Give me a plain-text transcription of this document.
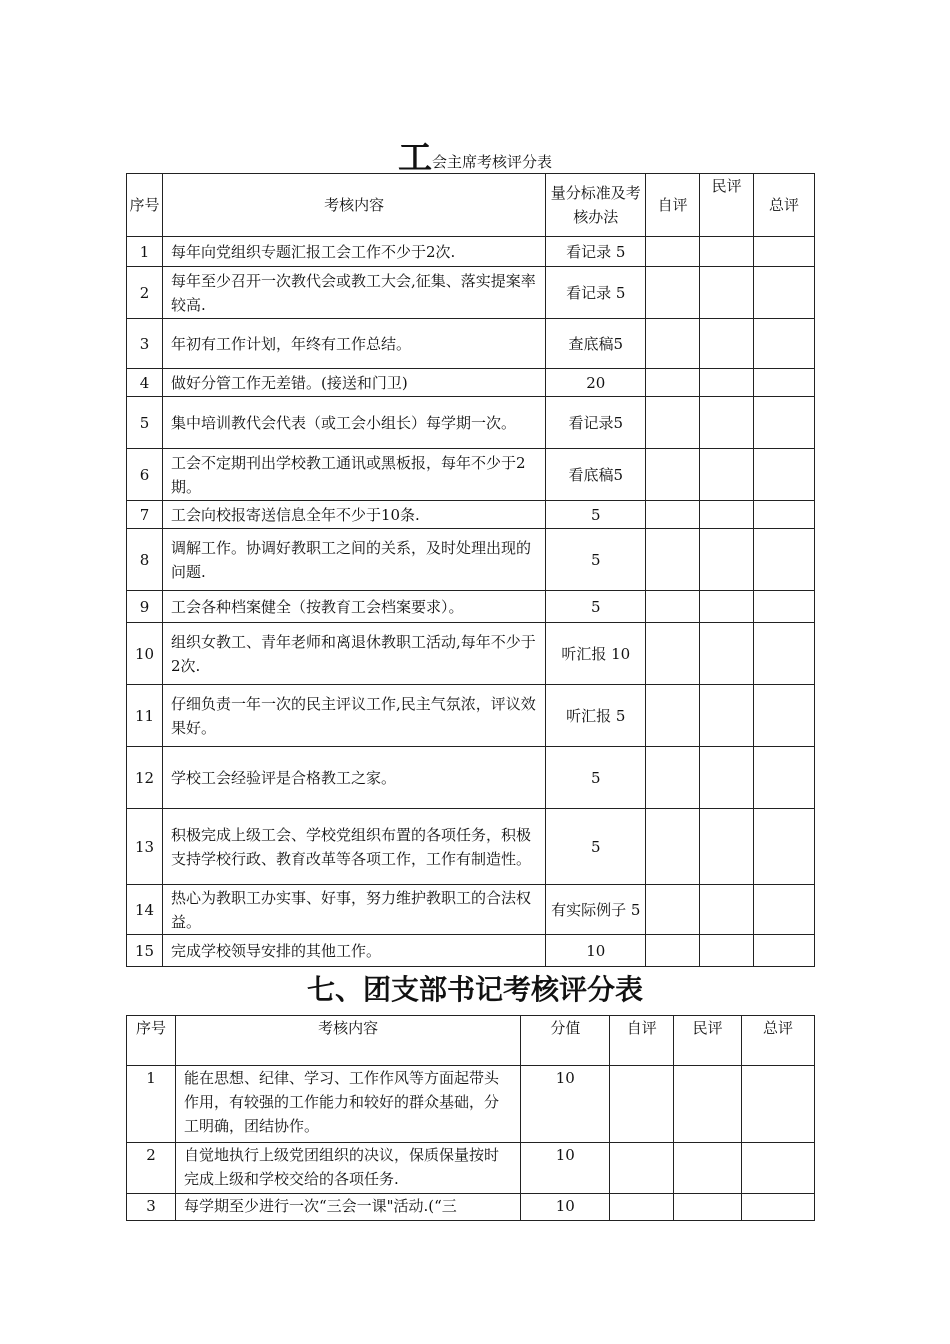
工会主席考核评分表
序号	考核内容	量分标准及考核办法	自评	民评	总评
1	每年向党组织专题汇报工会工作不少于2次.	看记录 5			
2	每年至少召开一次教代会或教工大会,征集、落实提案率较高.	看记录 5			
3	年初有工作计划，年终有工作总结。	查底稿5			
4	做好分管工作无差错。(接送和门卫)	20			
5	集中培训教代会代表（或工会小组长）每学期一次。	看记录5			
6	工会不定期刊出学校教工通讯或黑板报，每年不少于2期。	看底稿5			
7	工会向校报寄送信息全年不少于10条.	5			
8	调解工作。协调好教职工之间的关系，及时处理出现的问题.	5			
9	工会各种档案健全（按教育工会档案要求）。	5			
10	组织女教工、青年老师和离退休教职工活动,每年不少于2次.	听汇报 10			
11	仔细负责一年一次的民主评议工作,民主气氛浓，评议效果好。	听汇报 5			
12	学校工会经验评是合格教工之家。	5			
13	积极完成上级工会、学校党组织布置的各项任务，积极支持学校行政、教育改革等各项工作，工作有制造性。	5			
14	热心为教职工办实事、好事，努力维护教职工的合法权益。	有实际例子 5			
15	完成学校领导安排的其他工作。	10			
七、团支部书记考核评分表
序号	考核内容	分值	自评	民评	总评
1	能在思想、纪律、学习、工作作风等方面起带头作用，有较强的工作能力和较好的群众基础，分工明确，团结协作。	10			
2	自觉地执行上级党团组织的决议，保质保量按时完成上级和学校交给的各项任务.	10			
3	每学期至少进行一次“三会一课"活动.(“三	10			
